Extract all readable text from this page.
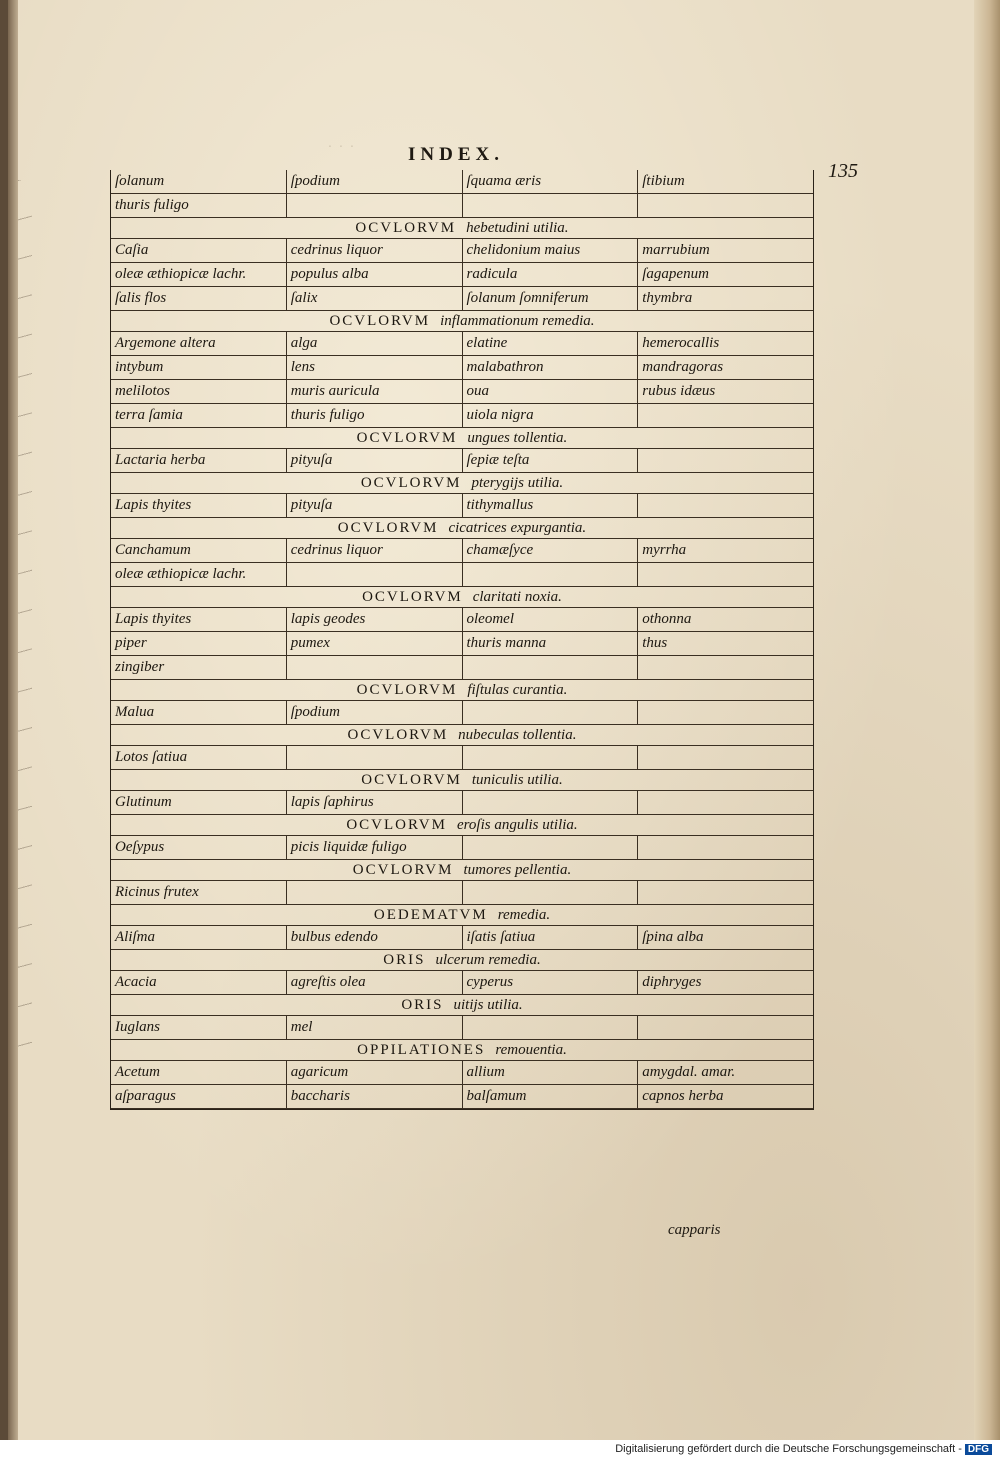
· · ·	INDEX.
135
ſolanum	ſpodium	ſquama æris	ſtibium
thuris fuligo
OCVLORVM hebetudini utilia.
Caſia	cedrinus liquor	chelidonium maius	marrubium
oleæ æthiopicæ lachr.	populus alba	radicula	ſagapenum
ſalis flos	ſalix	ſolanum ſomniferum	thymbra
OCVLORVM inflammationum remedia.
Argemone altera	alga	elatine	hemerocallis
intybum	lens	malabathron	mandragoras
melilotos	muris auricula	oua	rubus idæus
terra ſamia	thuris fuligo	uiola nigra
OCVLORVM ungues tollentia.
Lactaria herba	pityuſa	ſepiæ teſta
OCVLORVM pterygijs utilia.
Lapis thyites	pityuſa	tithymallus
OCVLORVM cicatrices expurgantia.
Canchamum	cedrinus liquor	chamæſyce	myrrha
oleæ æthiopicæ lachr.
OCVLORVM claritati noxia.
Lapis thyites	lapis geodes	oleomel	othonna
piper	pumex	thuris manna	thus
zingiber
OCVLORVM fiſtulas curantia.
Malua	ſpodium
OCVLORVM nubeculas tollentia.
Lotos ſatiua
OCVLORVM tuniculis utilia.
Glutinum	lapis ſaphirus
OCVLORVM eroſis angulis utilia.
Oeſypus	picis liquidæ fuligo
OCVLORVM tumores pellentia.
Ricinus frutex
OEDEMATVM remedia.
Aliſma	bulbus edendo	iſatis ſatiua	ſpina alba
ORIS ulcerum remedia.
Acacia	agreſtis olea	cyperus	diphryges
ORIS uitijs utilia.
Iuglans	mel
OPPILATIONES remouentia.
Acetum	agaricum	allium	amygdal. amar.
aſparagus	baccharis	balſamum	capnos herba
capparis
Digitalisierung gefördert durch die Deutsche Forschungsgemeinschaft - DFG
